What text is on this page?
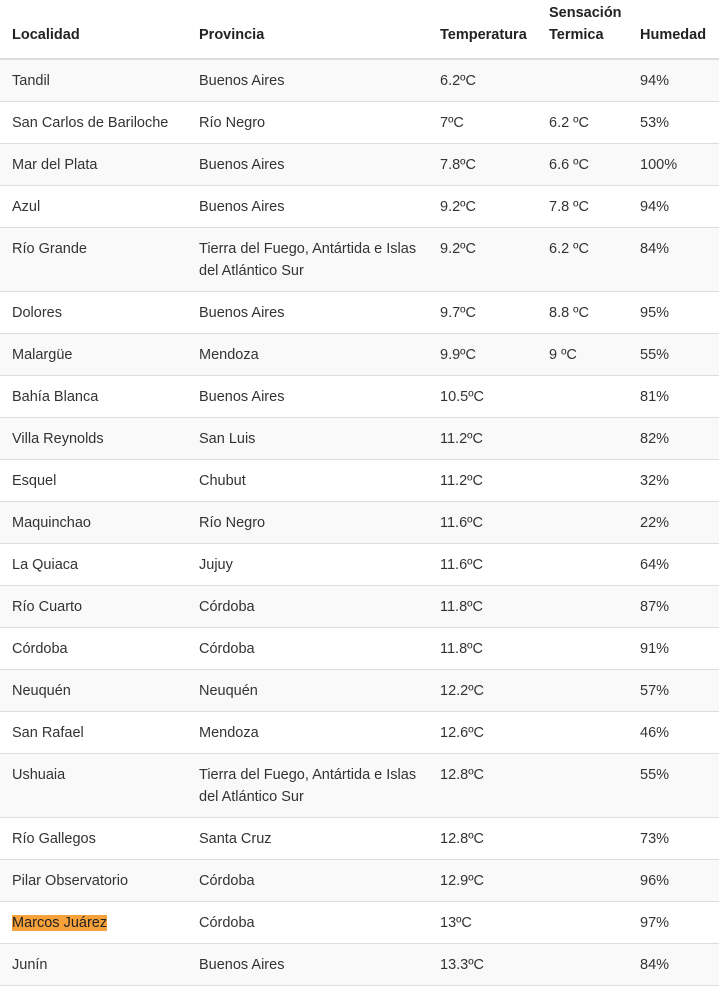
Localidad	Provincia	Temperatura	Sensación Termica	Humedad
Tandil	Buenos Aires	6.2ºC		94%
San Carlos de Bariloche	Río Negro	7ºC	6.2 ºC	53%
Mar del Plata	Buenos Aires	7.8ºC	6.6 ºC	100%
Azul	Buenos Aires	9.2ºC	7.8 ºC	94%
Río Grande	Tierra del Fuego, Antártida e Islas del Atlántico Sur	9.2ºC	6.2 ºC	84%
Dolores	Buenos Aires	9.7ºC	8.8 ºC	95%
Malargüe	Mendoza	9.9ºC	9 ºC	55%
Bahía Blanca	Buenos Aires	10.5ºC		81%
Villa Reynolds	San Luis	11.2ºC		82%
Esquel	Chubut	11.2ºC		32%
Maquinchao	Río Negro	11.6ºC		22%
La Quiaca	Jujuy	11.6ºC		64%
Río Cuarto	Córdoba	11.8ºC		87%
Córdoba	Córdoba	11.8ºC		91%
Neuquén	Neuquén	12.2ºC		57%
San Rafael	Mendoza	12.6ºC		46%
Ushuaia	Tierra del Fuego, Antártida e Islas del Atlántico Sur	12.8ºC		55%
Río Gallegos	Santa Cruz	12.8ºC		73%
Pilar Observatorio	Córdoba	12.9ºC		96%
Marcos Juárez	Córdoba	13ºC		97%
Junín	Buenos Aires	13.3ºC		84%
